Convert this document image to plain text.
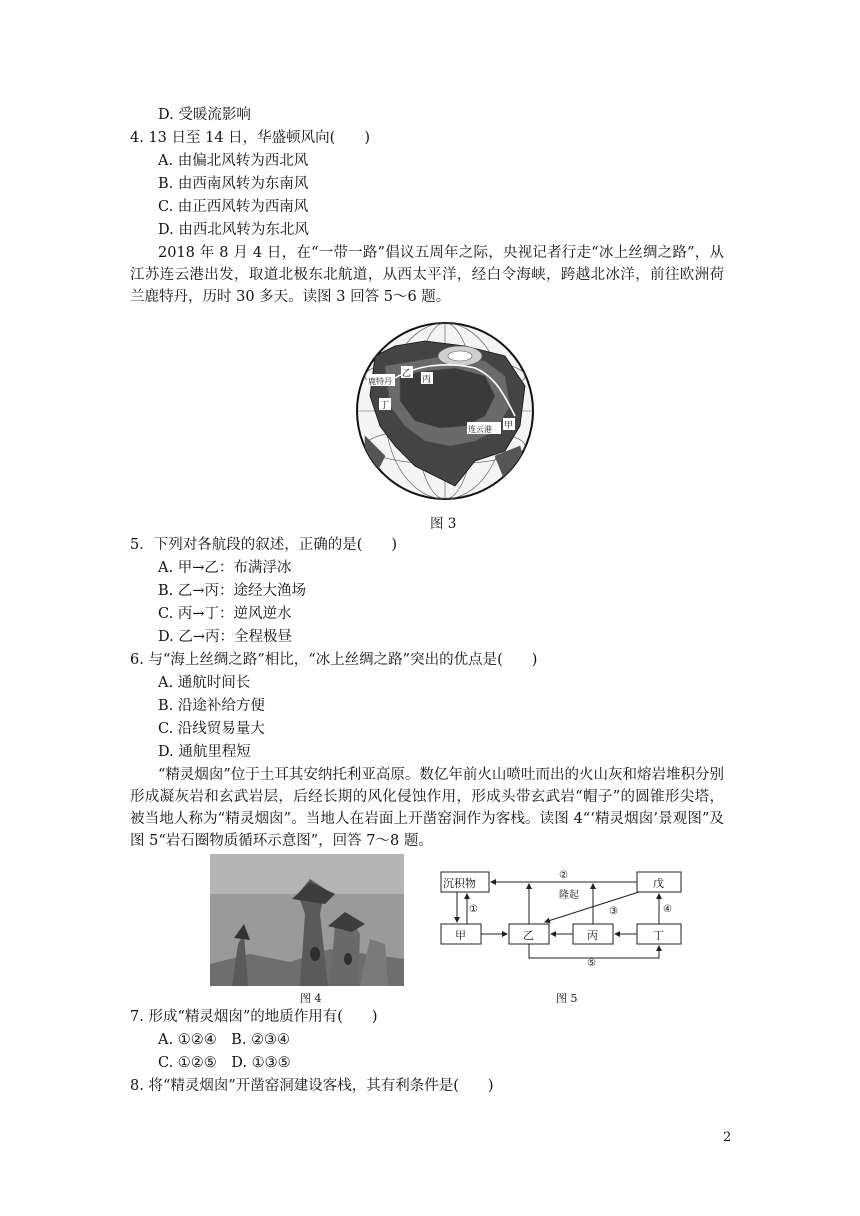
D. 受暖流影响
4. 13 日至 14 日，华盛顿风向(　　)
A. 由偏北风转为西北风
B. 由西南风转为东南风
C. 由正西风转为西南风
D. 由西北风转为东北风
2018 年 8 月 4 日，在“一带一路”倡议五周年之际，央视记者行走“冰上丝绸之路”，从江苏连云港出发，取道北极东北航道，从西太平洋，经白令海峡，跨越北冰洋，前往欧洲荷兰鹿特丹，历时 30 多天。读图 3 回答 5～6 题。
鹿特丹
乙
丙
丁
连云港 甲
图 3
5．下列对各航段的叙述，正确的是(　　)
A. 甲→乙：布满浮冰
B. 乙→丙：途经大渔场
C. 丙→丁：逆风逆水
D. 乙→丙：全程极昼
6. 与“海上丝绸之路”相比，“冰上丝绸之路”突出的优点是(　　)
A. 通航时间长
B. 沿途补给方便
C. 沿线贸易量大
D. 通航里程短
“精灵烟囱”位于土耳其安纳托利亚高原。数亿年前火山喷吐而出的火山灰和熔岩堆积分别形成凝灰岩和玄武岩层，后经长期的风化侵蚀作用，形成头带玄武岩“帽子”的圆锥形尖塔，被当地人称为“精灵烟囱”。当地人在岩面上开凿窑洞作为客栈。读图 4“‘精灵烟囱’景观图”及图 5“岩石圈物质循环示意图”，回答 7～8 题。
图 4
沉积物	戊
甲	乙	丙	丁
②
①	③	④
⑤
隆起
图 5
7. 形成“精灵烟囱”的地质作用有(　　)
A. ①②④　B. ②③④
C. ①②⑤　D. ①③⑤
8. 将“精灵烟囱”开凿窑洞建设客栈，其有利条件是(　　)
2
